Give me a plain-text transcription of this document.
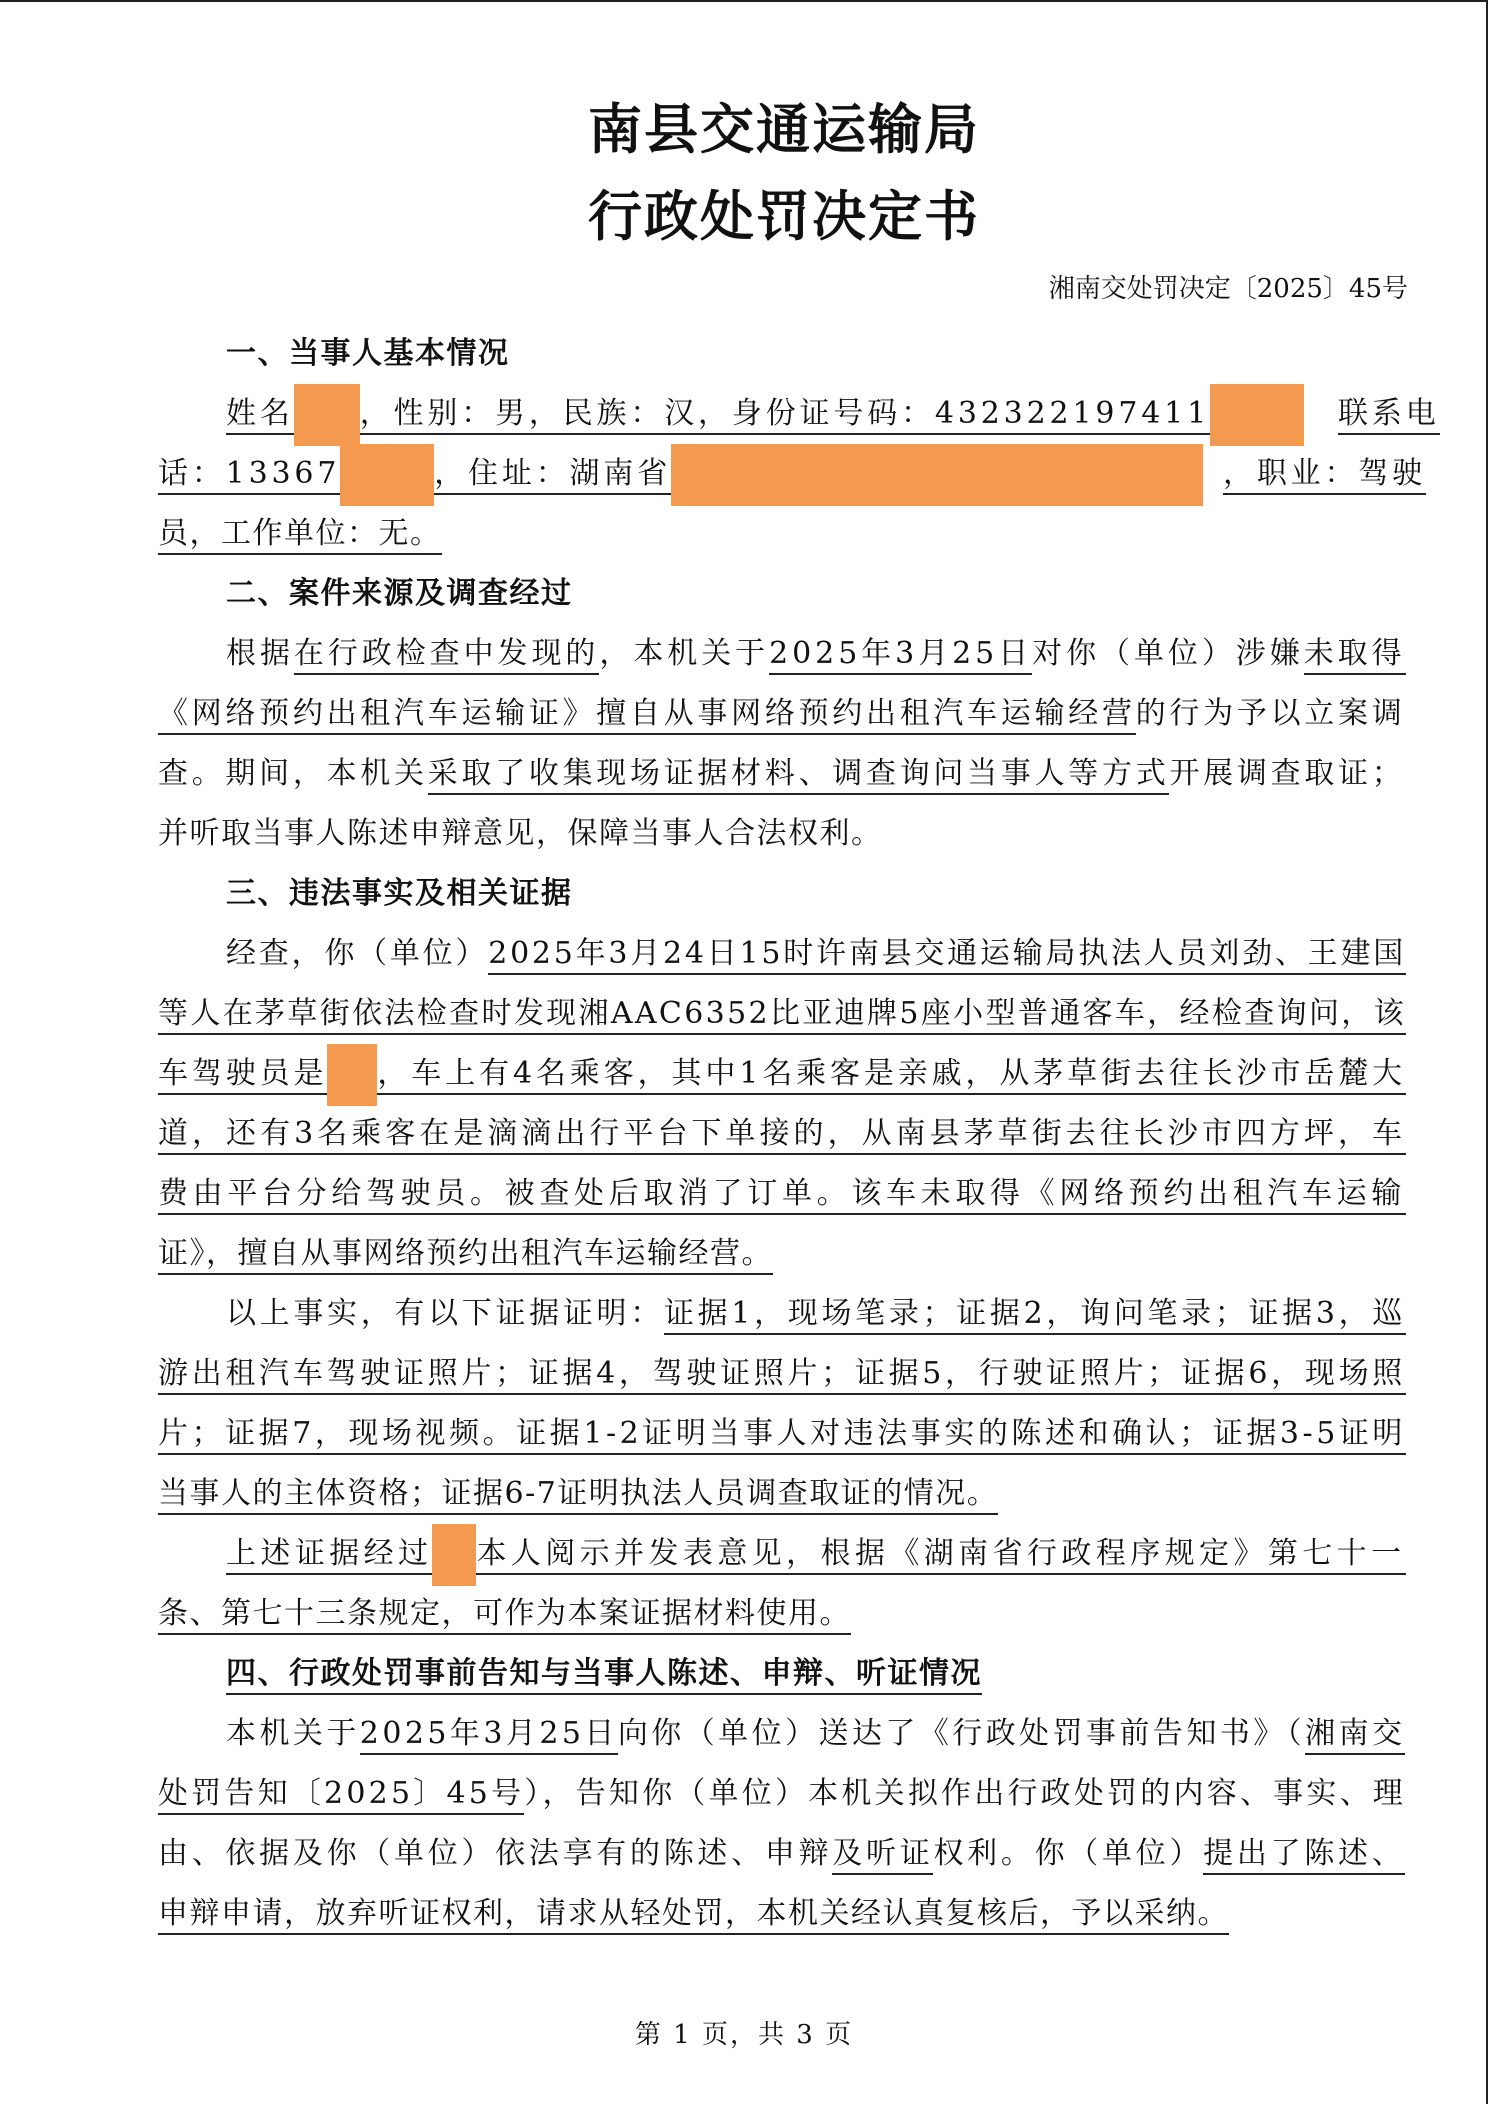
南县交通运输局
行政处罚决定书
湘南交处罚决定〔2025〕45号
一、当事人基本情况
姓名 ，性别：男，民族：汉，身份证号码：432322197411	联系电
话：13367	，住址：湖南省	，职业：驾驶
员，工作单位：无。
二、案件来源及调查经过
根据在行政检查中发现的，本机关于2025年3月25日对你（单位）涉嫌未取得
《网络预约出租汽车运输证》擅自从事网络预约出租汽车运输经营的行为予以立案调
查。期间，本机关采取了收集现场证据材料、调查询问当事人等方式开展调查取证；
并听取当事人陈述申辩意见，保障当事人合法权利。
三、违法事实及相关证据
经查，你（单位）2025年3月24日15时许南县交通运输局执法人员刘劲、王建国
等人在茅草街依法检查时发现湘AAC6352比亚迪牌5座小型普通客车，经检查询问，该
车驾驶员是 ，车上有4名乘客，其中1名乘客是亲戚，从茅草街去往长沙市岳麓大
道，还有3名乘客在是滴滴出行平台下单接的，从南县茅草街去往长沙市四方坪，车
费由平台分给驾驶员。被查处后取消了订单。该车未取得《网络预约出租汽车运输
证》，擅自从事网络预约出租汽车运输经营。
以上事实，有以下证据证明：证据1，现场笔录；证据2，询问笔录；证据3，巡
游出租汽车驾驶证照片；证据4，驾驶证照片；证据5，行驶证照片；证据6，现场照
片；证据7，现场视频。证据1-2证明当事人对违法事实的陈述和确认；证据3-5证明
当事人的主体资格；证据6-7证明执法人员调查取证的情况。
上述证据经过 本人阅示并发表意见，根据《湖南省行政程序规定》第七十一
条、第七十三条规定，可作为本案证据材料使用。
四、行政处罚事前告知与当事人陈述、申辩、听证情况
本机关于2025年3月25日向你（单位）送达了《行政处罚事前告知书》（湘南交
处罚告知〔2025〕45号），告知你（单位）本机关拟作出行政处罚的内容、事实、理
由、依据及你（单位）依法享有的陈述、申辩及听证权利。你（单位）提出了陈述、
申辩申请，放弃听证权利，请求从轻处罚，本机关经认真复核后，予以采纳。
第 1 页，共 3 页
